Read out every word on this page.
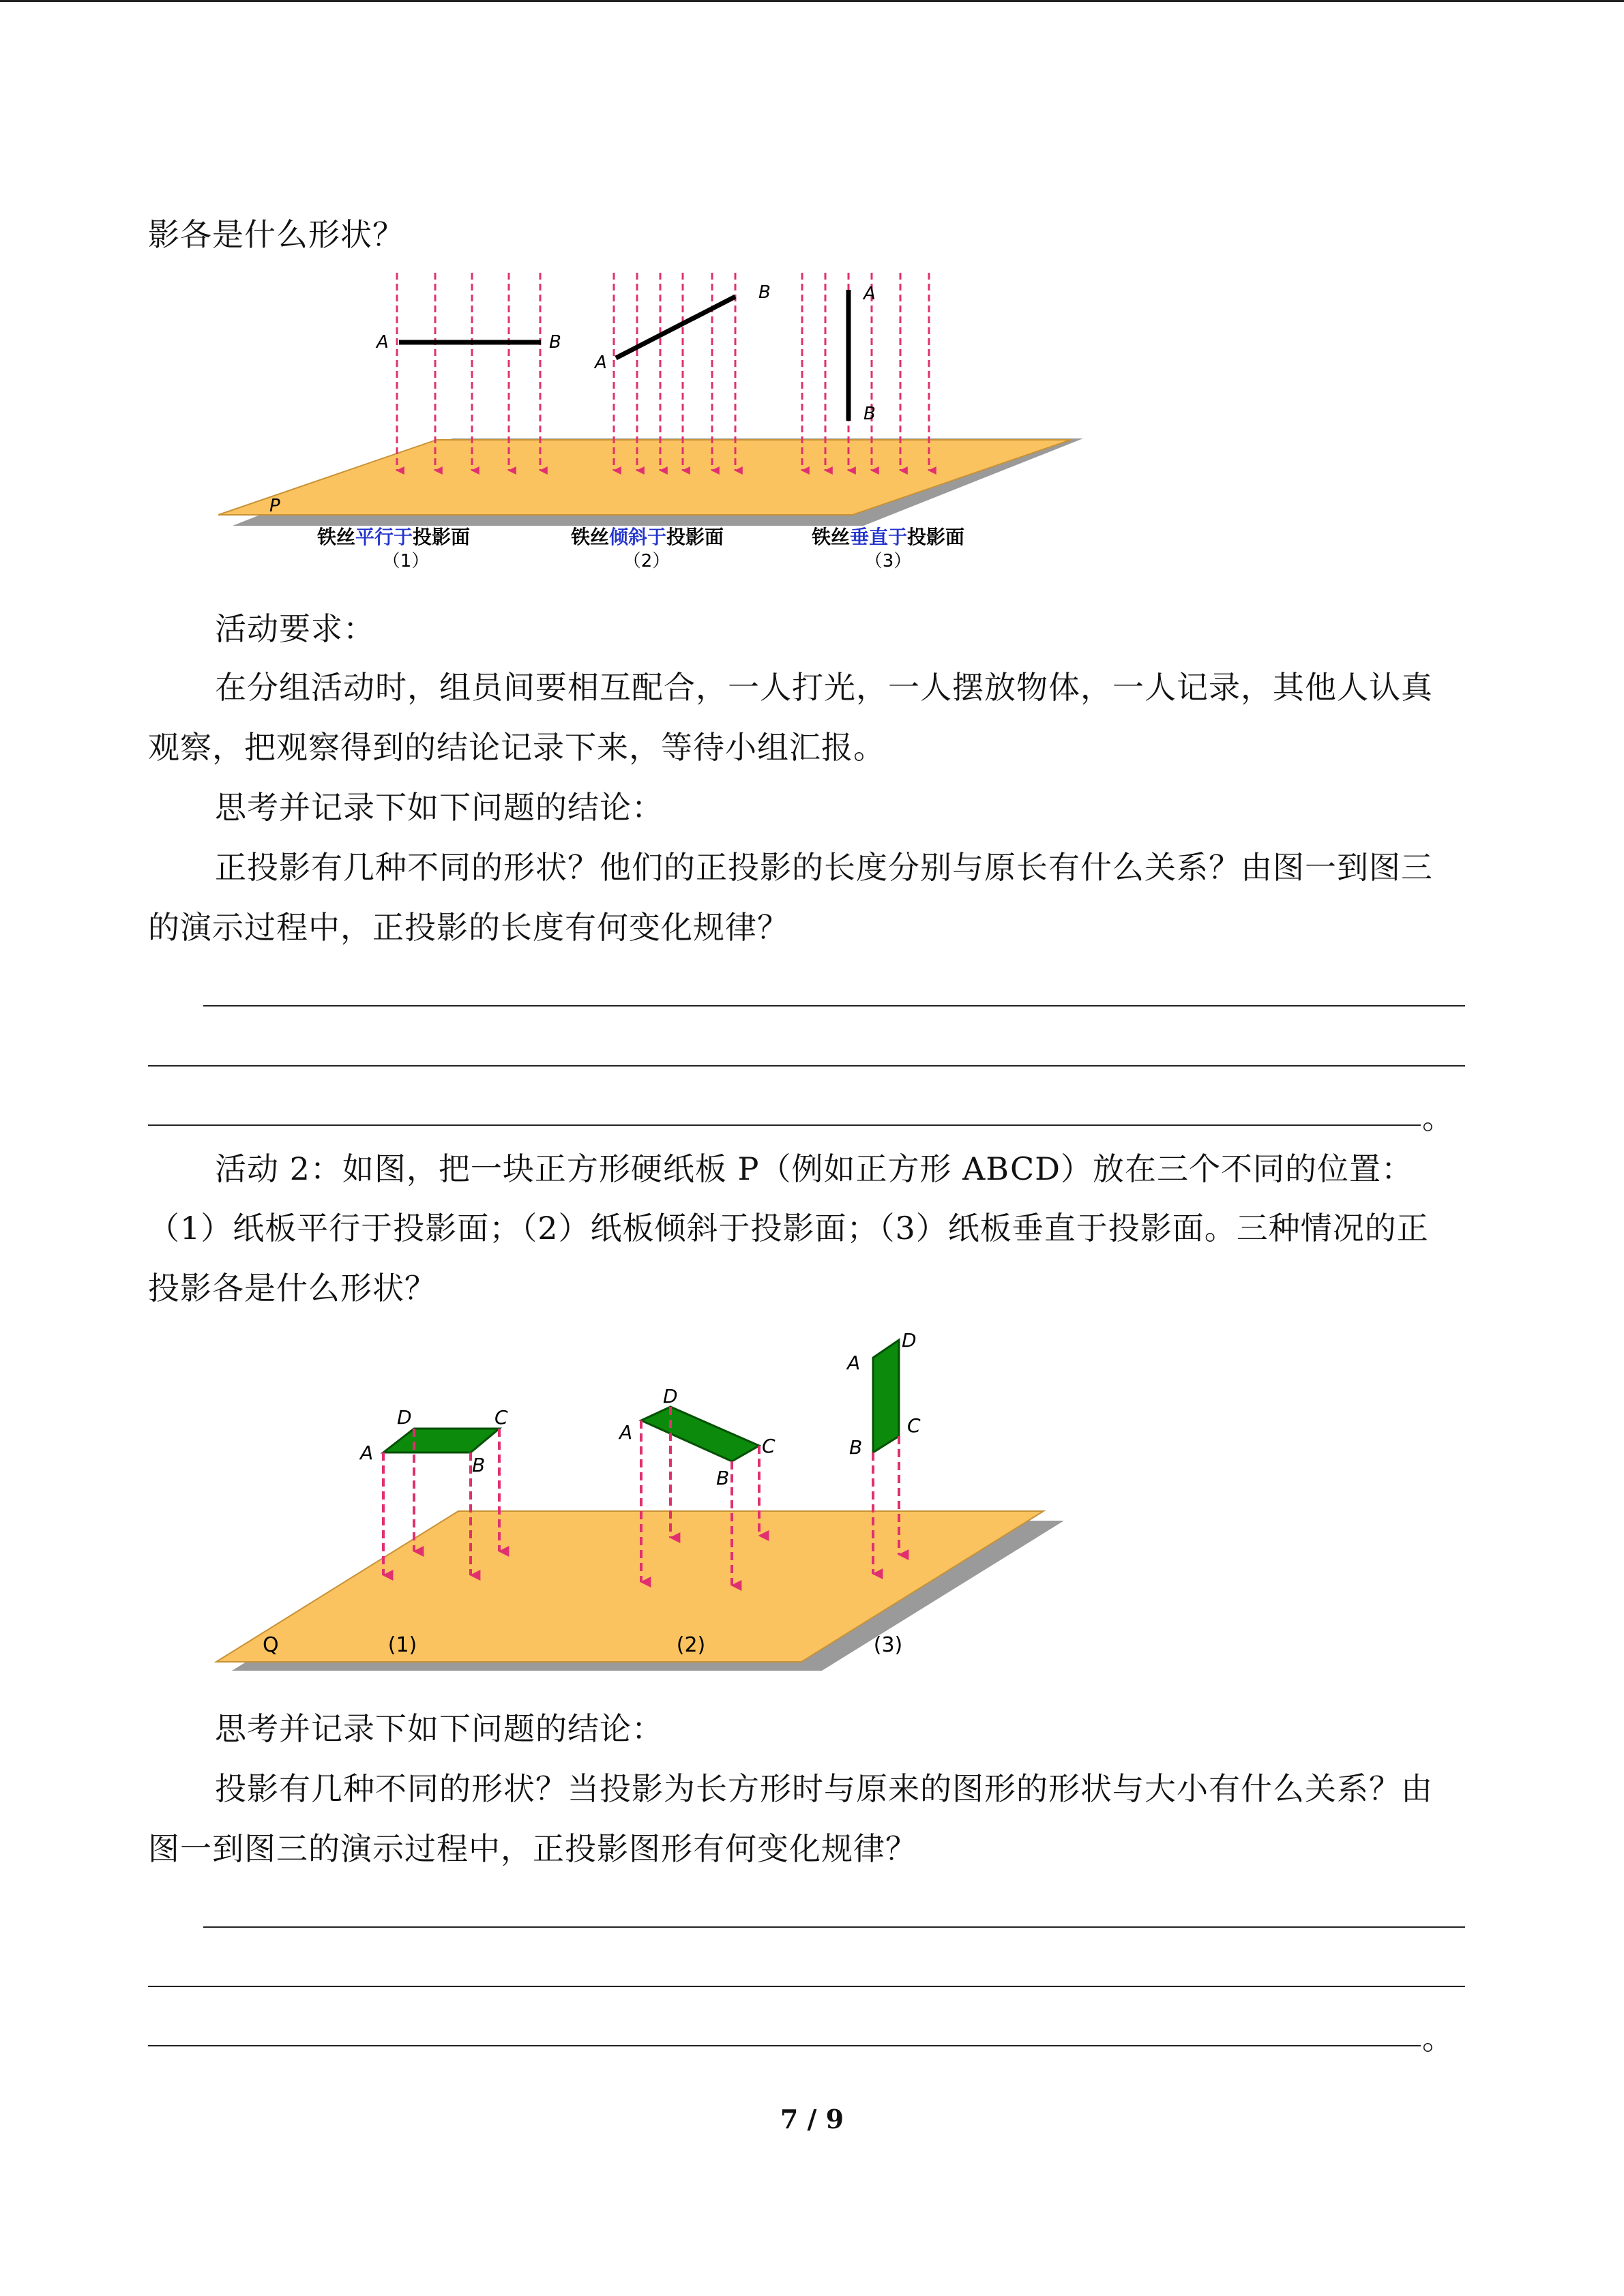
影各是什么形状？
P
A	B
A
B	A
B
铁丝平行于投影面
（1）
铁丝倾斜于投影面
（2）
铁丝垂直于投影面
（3）
活动要求：
在分组活动时，组员间要相互配合，一人打光，一人摆放物体，一人记录，其他人认真
观察，把观察得到的结论记录下来，等待小组汇报。
思考并记录下如下问题的结论：
正投影有几种不同的形状？他们的正投影的长度分别与原长有什么关系？由图一到图三
的演示过程中，正投影的长度有何变化规律？
。
活动 2：如图，把一块正方形硬纸板 P（例如正方形 ABCD）放在三个不同的位置：
（1）纸板平行于投影面；（2）纸板倾斜于投影面；（3）纸板垂直于投影面。三种情况的正
投影各是什么形状？
Q	(1)	(2)	(3)
A
D	C
B
A
D
C
B
A
D
C
B
思考并记录下如下问题的结论：
投影有几种不同的形状？当投影为长方形时与原来的图形的形状与大小有什么关系？由
图一到图三的演示过程中，正投影图形有何变化规律？
。
7 / 9
